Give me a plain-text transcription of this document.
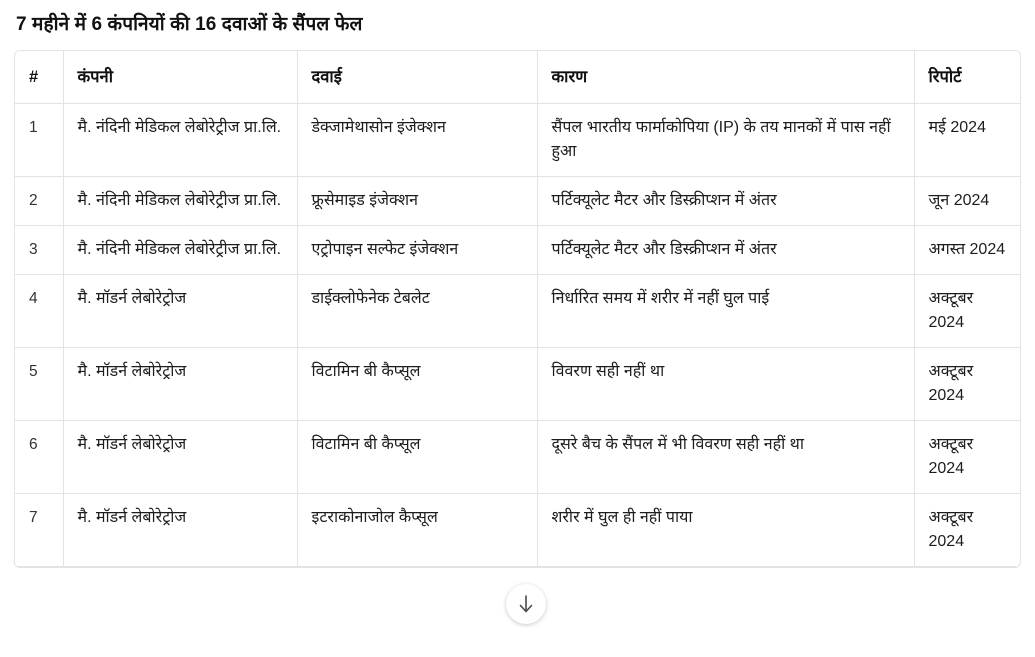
7 महीने में 6 कंपनियों की 16 दवाओं के सैंपल फेल
#	कंपनी	दवाई	कारण	रिपोर्ट
1	मै. नंदिनी मेडिकल लेबोरेट्रीज प्रा.लि.	डेक्जामेथासोन इंजेक्शन	सैंपल भारतीय फार्माकोपिया (IP) के तय मानकों में पास नहीं हुआ	मई 2024
2	मै. नंदिनी मेडिकल लेबोरेट्रीज प्रा.लि.	फ्रूसेमाइड इंजेक्शन	पर्टिक्यूलेट मैटर और डिस्क्रीप्शन में अंतर	जून 2024
3	मै. नंदिनी मेडिकल लेबोरेट्रीज प्रा.लि.	एट्रोपाइन सल्फेट इंजेक्शन	पर्टिक्यूलेट मैटर और डिस्क्रीप्शन में अंतर	अगस्त 2024
4	मै. मॉडर्न लेबोरेट्रोज	डाईक्लोफेनेक टेबलेट	निर्धारित समय में शरीर में नहीं घुल पाई	अक्टूबर 2024
5	मै. मॉडर्न लेबोरेट्रोज	विटामिन बी कैप्सूल	विवरण सही नहीं था	अक्टूबर 2024
6	मै. मॉडर्न लेबोरेट्रोज	विटामिन बी कैप्सूल	दूसरे बैच के सैंपल में भी विवरण सही नहीं था	अक्टूबर 2024
7	मै. मॉडर्न लेबोरेट्रोज	इटराकोनाजोल कैप्सूल	शरीर में घुल ही नहीं पाया	अक्टूबर 2024
